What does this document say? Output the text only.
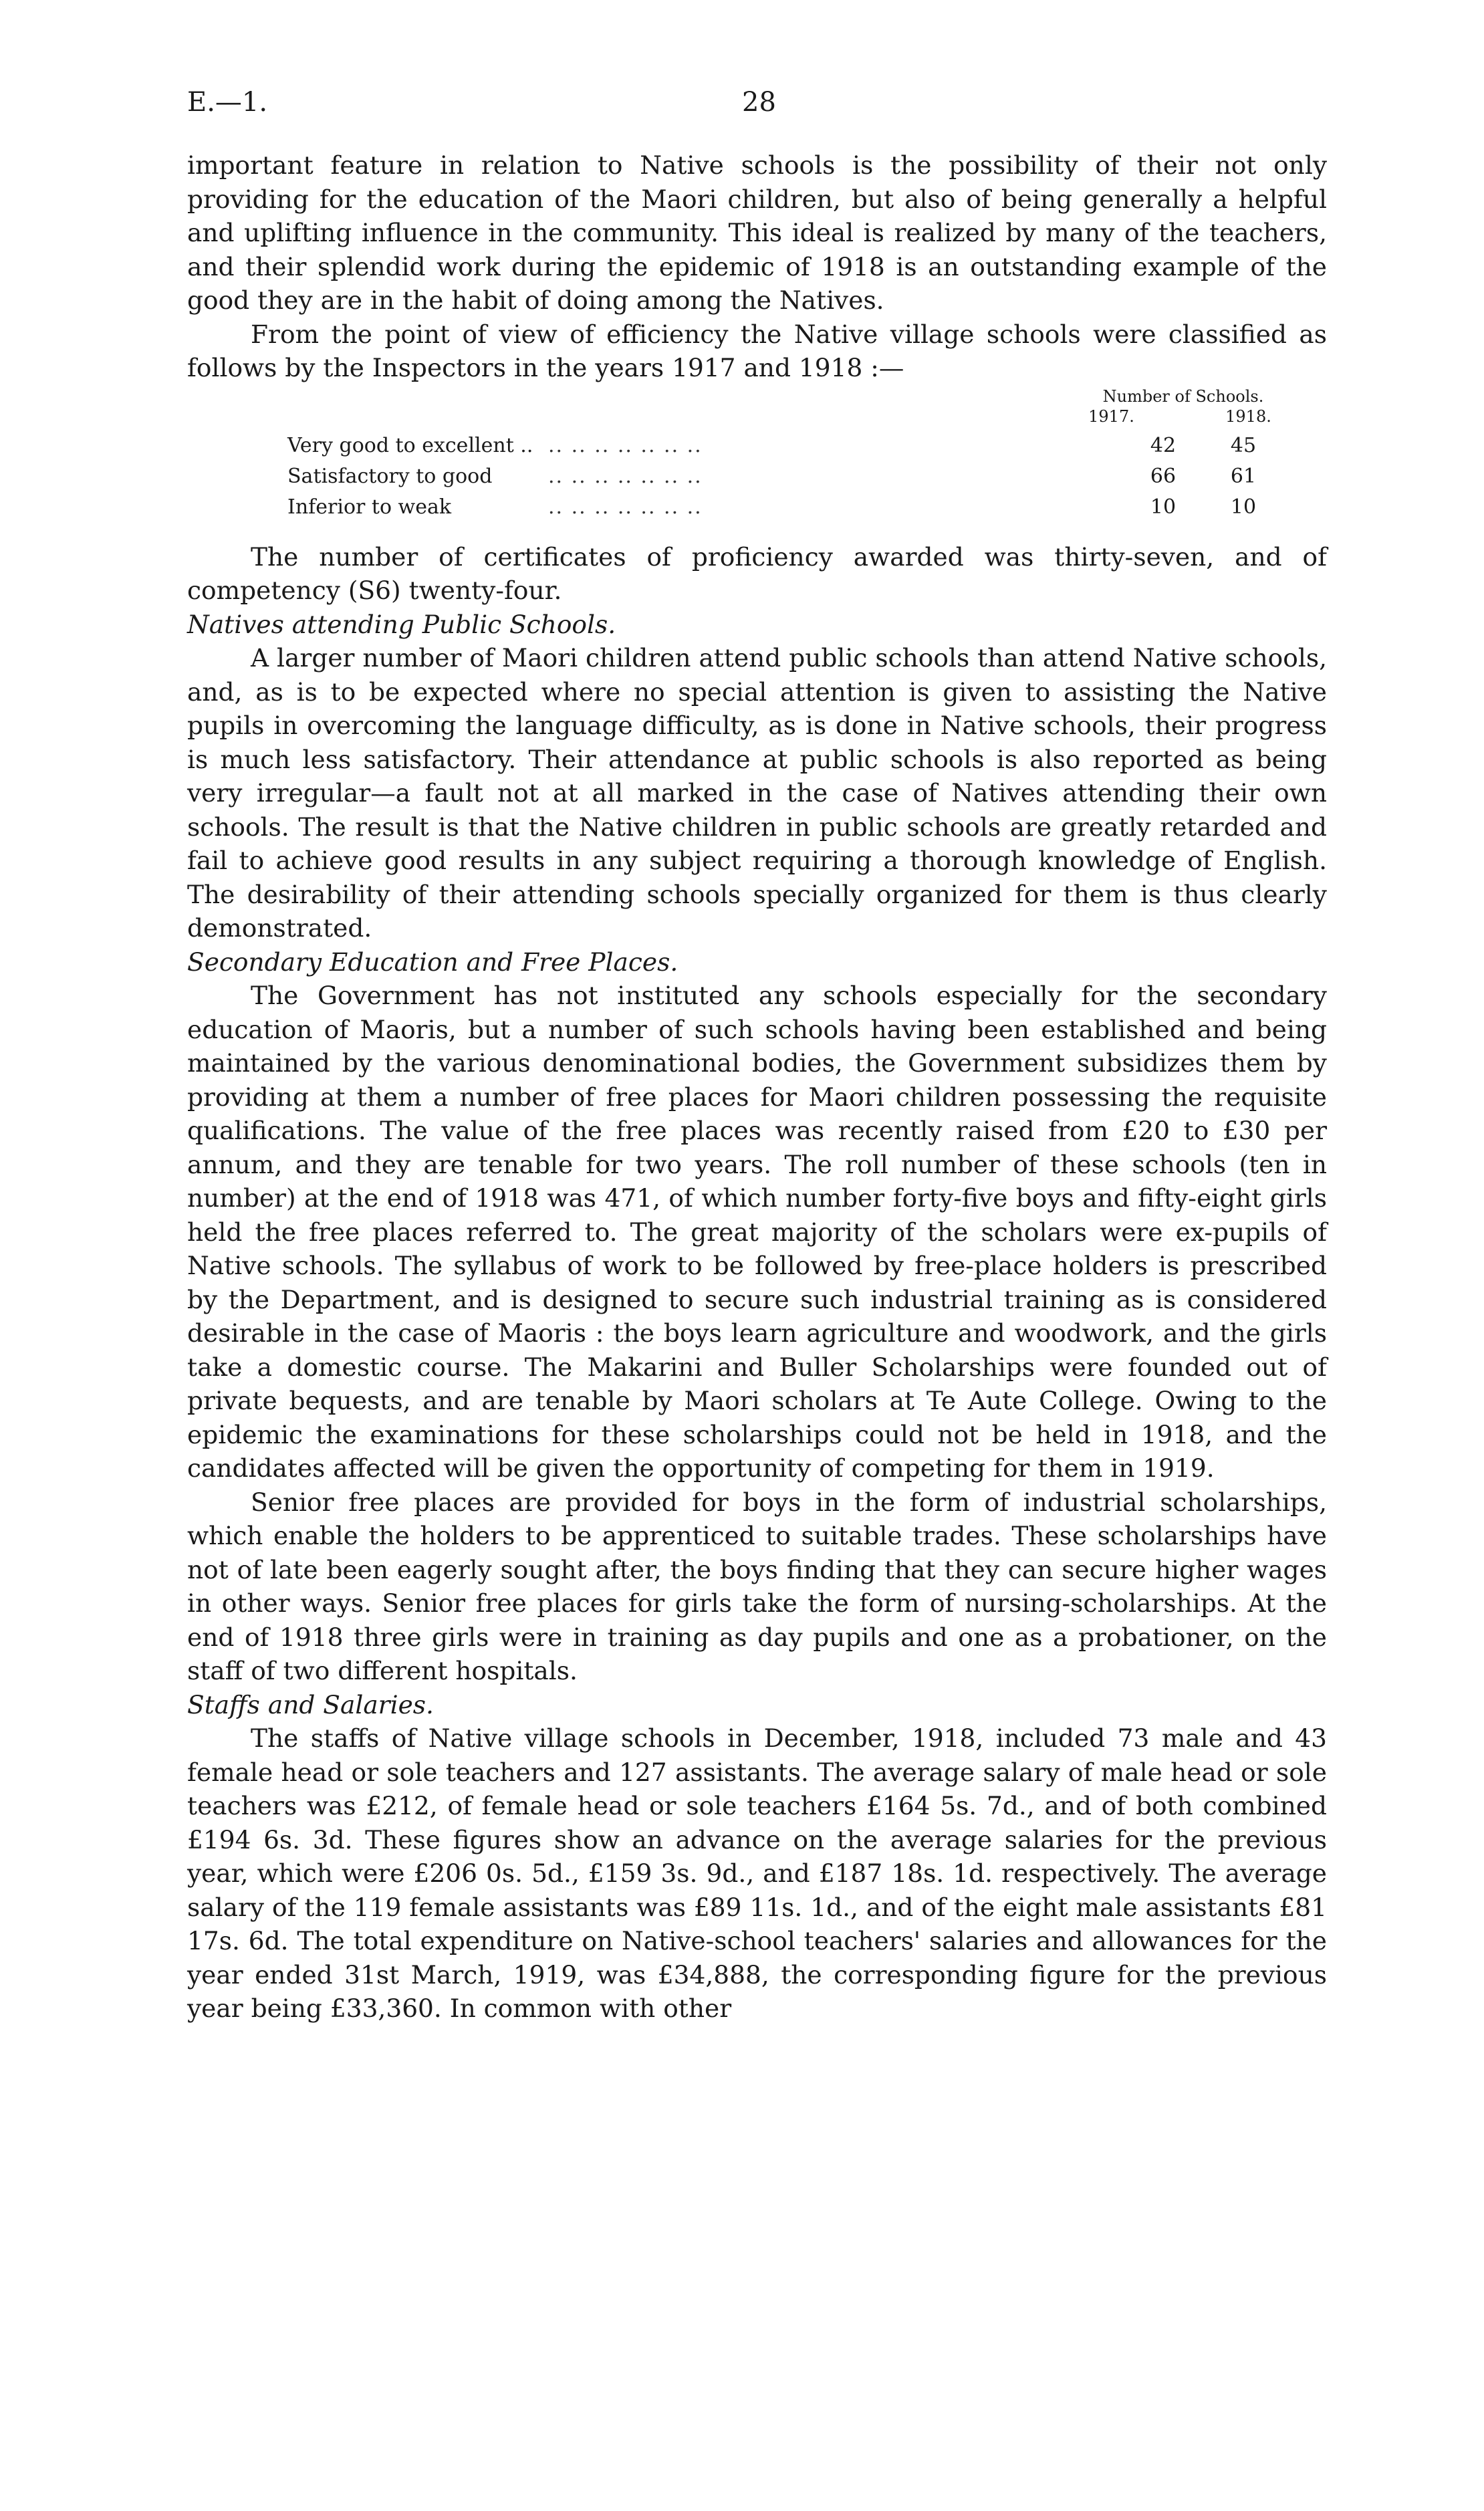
E.—1.	28

important feature in relation to Native schools is the possibility of their not only providing for the education of the Maori children, but also of being generally a helpful and uplifting influence in the community. This ideal is realized by many of the teachers, and their splendid work during the epidemic of 1918 is an outstanding example of the good they are in the habit of doing among the Natives.

From the point of view of efficiency the Native village schools were classified as follows by the Inspectors in the years 1917 and 1918 :—

Number of Schools.
1917.	1918.
Very good to excellent .. .. .. .. .. .. .. ..	42	45
Satisfactory to good	.. .. .. .. .. .. ..	66	61
Inferior to weak	.. .. .. .. .. .. ..	10	10

The number of certificates of proficiency awarded was thirty-seven, and of competency (S6) twenty-four.

Natives attending Public Schools.

A larger number of Maori children attend public schools than attend Native schools, and, as is to be expected where no special attention is given to assisting the Native pupils in overcoming the language difficulty, as is done in Native schools, their progress is much less satisfactory. Their attendance at public schools is also reported as being very irregular—a fault not at all marked in the case of Natives attending their own schools. The result is that the Native children in public schools are greatly retarded and fail to achieve good results in any subject requiring a thorough knowledge of English. The desirability of their attending schools specially organized for them is thus clearly demonstrated.

Secondary Education and Free Places.

The Government has not instituted any schools especially for the secondary education of Maoris, but a number of such schools having been established and being maintained by the various denominational bodies, the Government subsidizes them by providing at them a number of free places for Maori children possessing the requisite qualifications. The value of the free places was recently raised from £20 to £30 per annum, and they are tenable for two years. The roll number of these schools (ten in number) at the end of 1918 was 471, of which number forty-five boys and fifty-eight girls held the free places referred to. The great majority of the scholars were ex-pupils of Native schools. The syllabus of work to be followed by free-place holders is prescribed by the Department, and is designed to secure such industrial training as is considered desirable in the case of Maoris : the boys learn agriculture and woodwork, and the girls take a domestic course. The Makarini and Buller Scholarships were founded out of private bequests, and are tenable by Maori scholars at Te Aute College. Owing to the epidemic the examinations for these scholarships could not be held in 1918, and the candidates affected will be given the opportunity of competing for them in 1919.

Senior free places are provided for boys in the form of industrial scholarships, which enable the holders to be apprenticed to suitable trades. These scholarships have not of late been eagerly sought after, the boys finding that they can secure higher wages in other ways. Senior free places for girls take the form of nursing-scholarships. At the end of 1918 three girls were in training as day pupils and one as a probationer, on the staff of two different hospitals.

Staffs and Salaries.

The staffs of Native village schools in December, 1918, included 73 male and 43 female head or sole teachers and 127 assistants. The average salary of male head or sole teachers was £212, of female head or sole teachers £164 5s. 7d., and of both combined £194 6s. 3d. These figures show an advance on the average salaries for the previous year, which were £206 0s. 5d., £159 3s. 9d., and £187 18s. 1d. respectively. The average salary of the 119 female assistants was £89 11s. 1d., and of the eight male assistants £81 17s. 6d. The total expenditure on Native-school teachers' salaries and allowances for the year ended 31st March, 1919, was £34,888, the corresponding figure for the previous year being £33,360. In common with other
